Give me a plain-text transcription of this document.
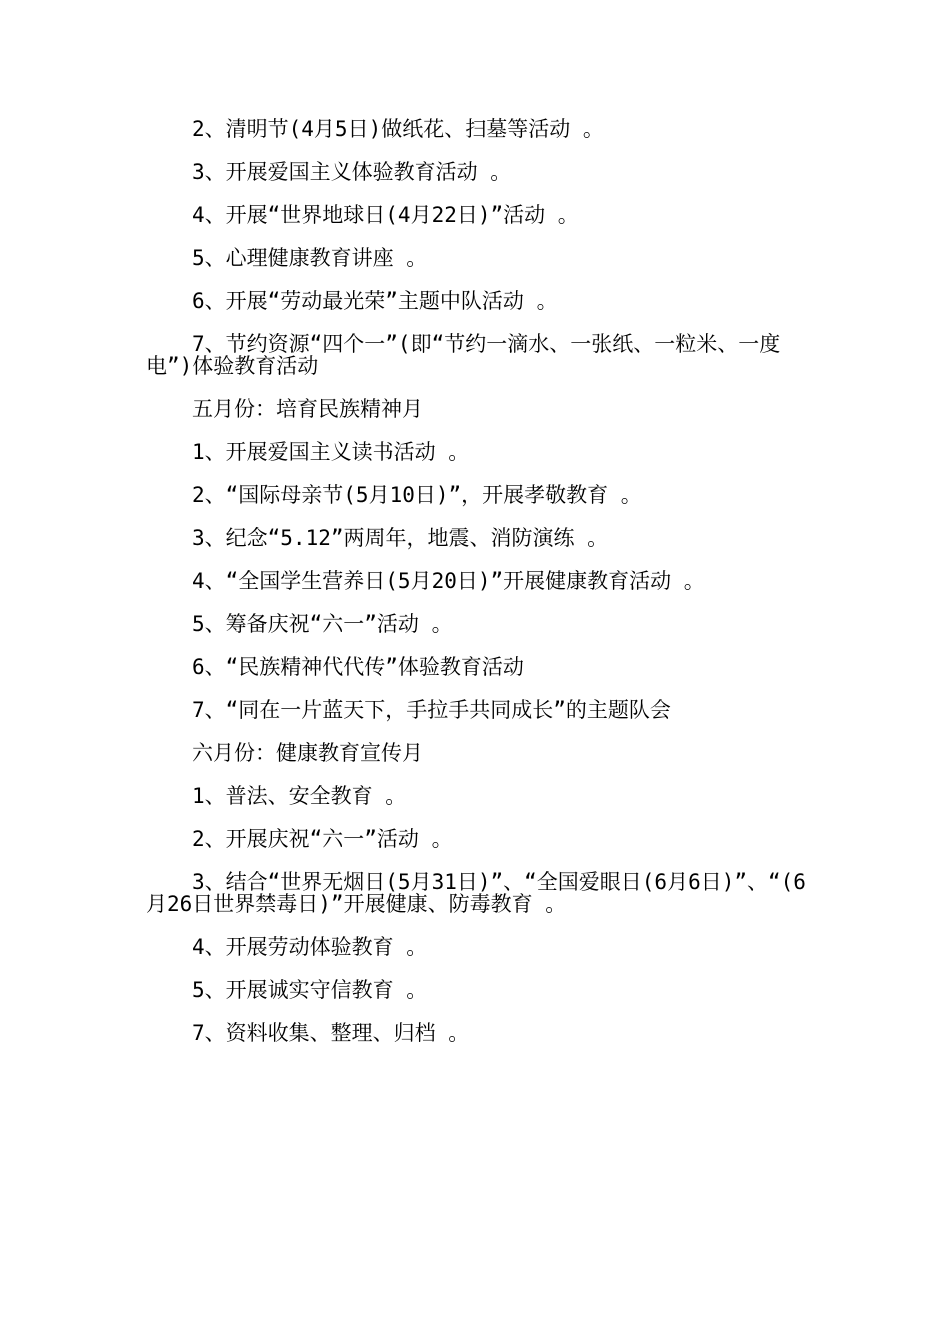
2、清明节(4月5日)做纸花、扫墓等活动 。

3、开展爱国主义体验教育活动 。

4、开展“世界地球日(4月22日)”活动 。

5、心理健康教育讲座 。

6、开展“劳动最光荣”主题中队活动 。

7、节约资源“四个一”(即“节约一滴水、一张纸、一粒米、一度电”)体验教育活动

五月份：培育民族精神月

1、开展爱国主义读书活动 。

2、“国际母亲节(5月10日)”，开展孝敬教育 。

3、纪念“5.12”两周年，地震、消防演练 。

4、“全国学生营养日(5月20日)”开展健康教育活动 。

5、筹备庆祝“六一”活动 。

6、“民族精神代代传”体验教育活动

7、“同在一片蓝天下，手拉手共同成长”的主题队会

六月份：健康教育宣传月

1、普法、安全教育 。

2、开展庆祝“六一”活动 。

3、结合“世界无烟日(5月31日)”、“全国爱眼日(6月6日)”、“(6月26日世界禁毒日)”开展健康、防毒教育 。

4、开展劳动体验教育 。

5、开展诚实守信教育 。

7、资料收集、整理、归档 。
